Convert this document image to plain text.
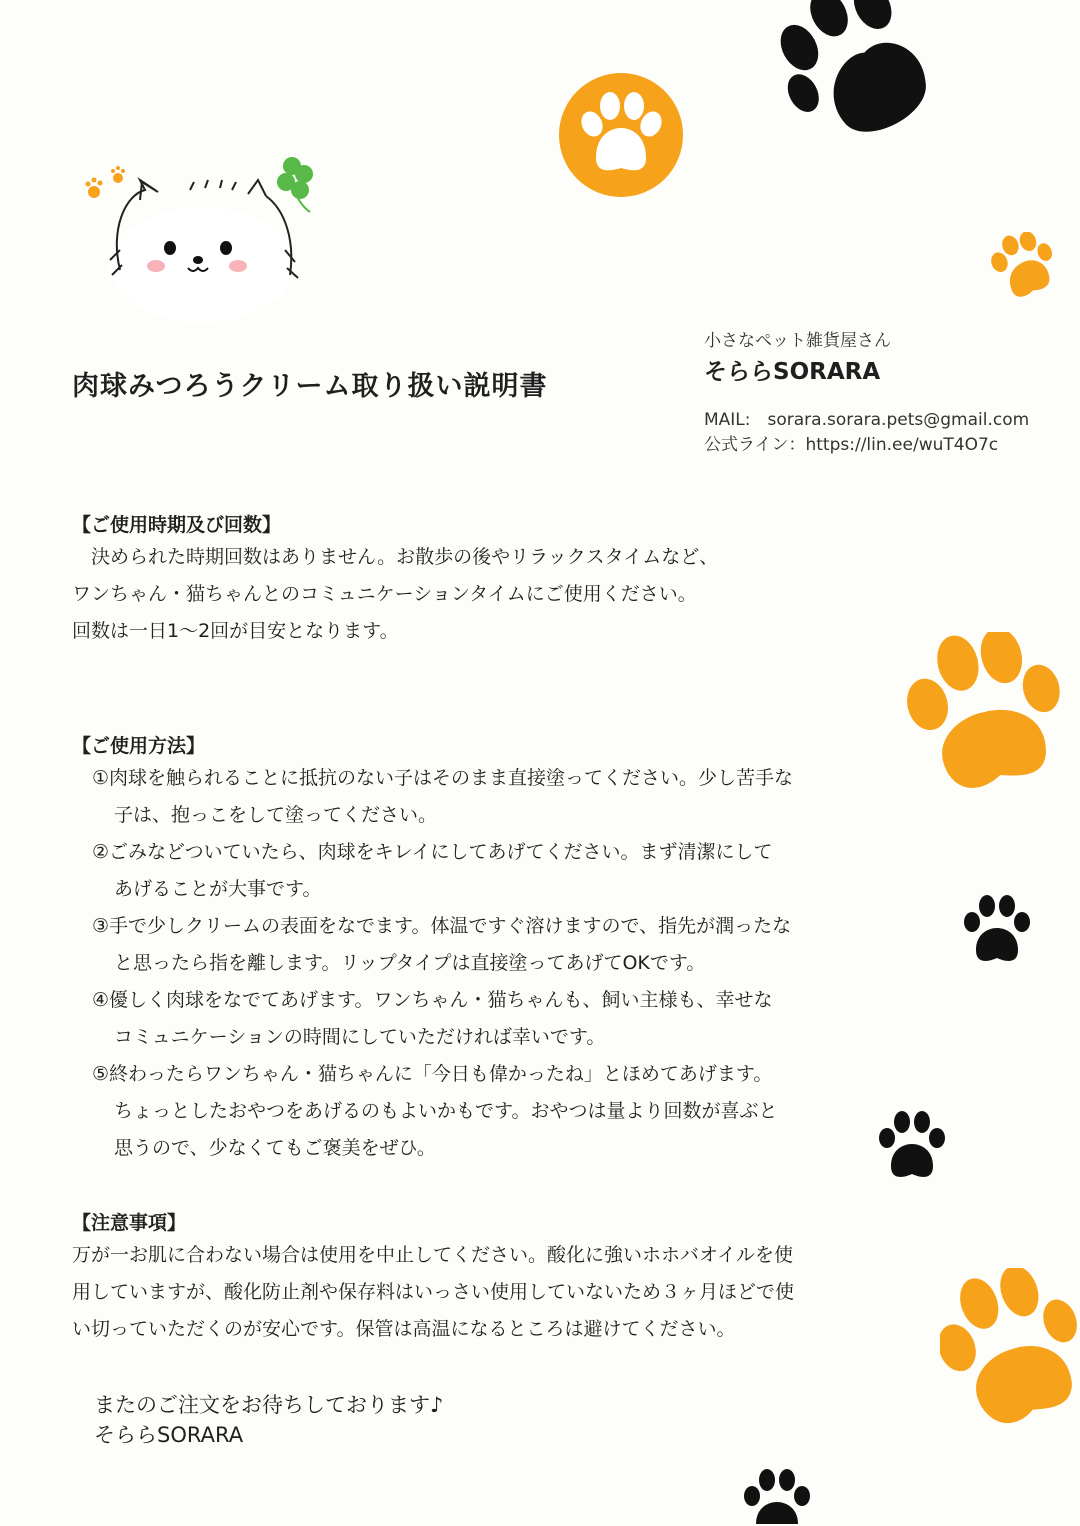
肉球みつろうクリーム取り扱い説明書
小さなペット雑貨屋さん
そららSORARA
MAIL:　sorara.sorara.pets@gmail.com
公式ライン：https://lin.ee/wuT4O7c
【ご使用時期及び回数】
　決められた時期回数はありません。お散歩の後やリラックスタイムなど、
ワンちゃん・猫ちゃんとのコミュニケーションタイムにご使用ください。
回数は一日1〜2回が目安となります。
【ご使用方法】
①肉球を触られることに抵抗のない子はそのまま直接塗ってください。少し苦手な
子は、抱っこをして塗ってください。
②ごみなどついていたら、肉球をキレイにしてあげてください。まず清潔にして
あげることが大事です。
③手で少しクリームの表面をなでます。体温ですぐ溶けますので、指先が潤ったな
と思ったら指を離します。リップタイプは直接塗ってあげてOKです。
④優しく肉球をなでてあげます。ワンちゃん・猫ちゃんも、飼い主様も、幸せな
コミュニケーションの時間にしていただければ幸いです。
⑤終わったらワンちゃん・猫ちゃんに「今日も偉かったね」とほめてあげます。
ちょっとしたおやつをあげるのもよいかもです。おやつは量より回数が喜ぶと
思うので、少なくてもご褒美をぜひ。
【注意事項】
万が一お肌に合わない場合は使用を中止してください。酸化に強いホホバオイルを使
用していますが、酸化防止剤や保存料はいっさい使用していないため３ヶ月ほどで使
い切っていただくのが安心です。保管は高温になるところは避けてください。
またのご注文をお待ちしております♪
そららSORARA
